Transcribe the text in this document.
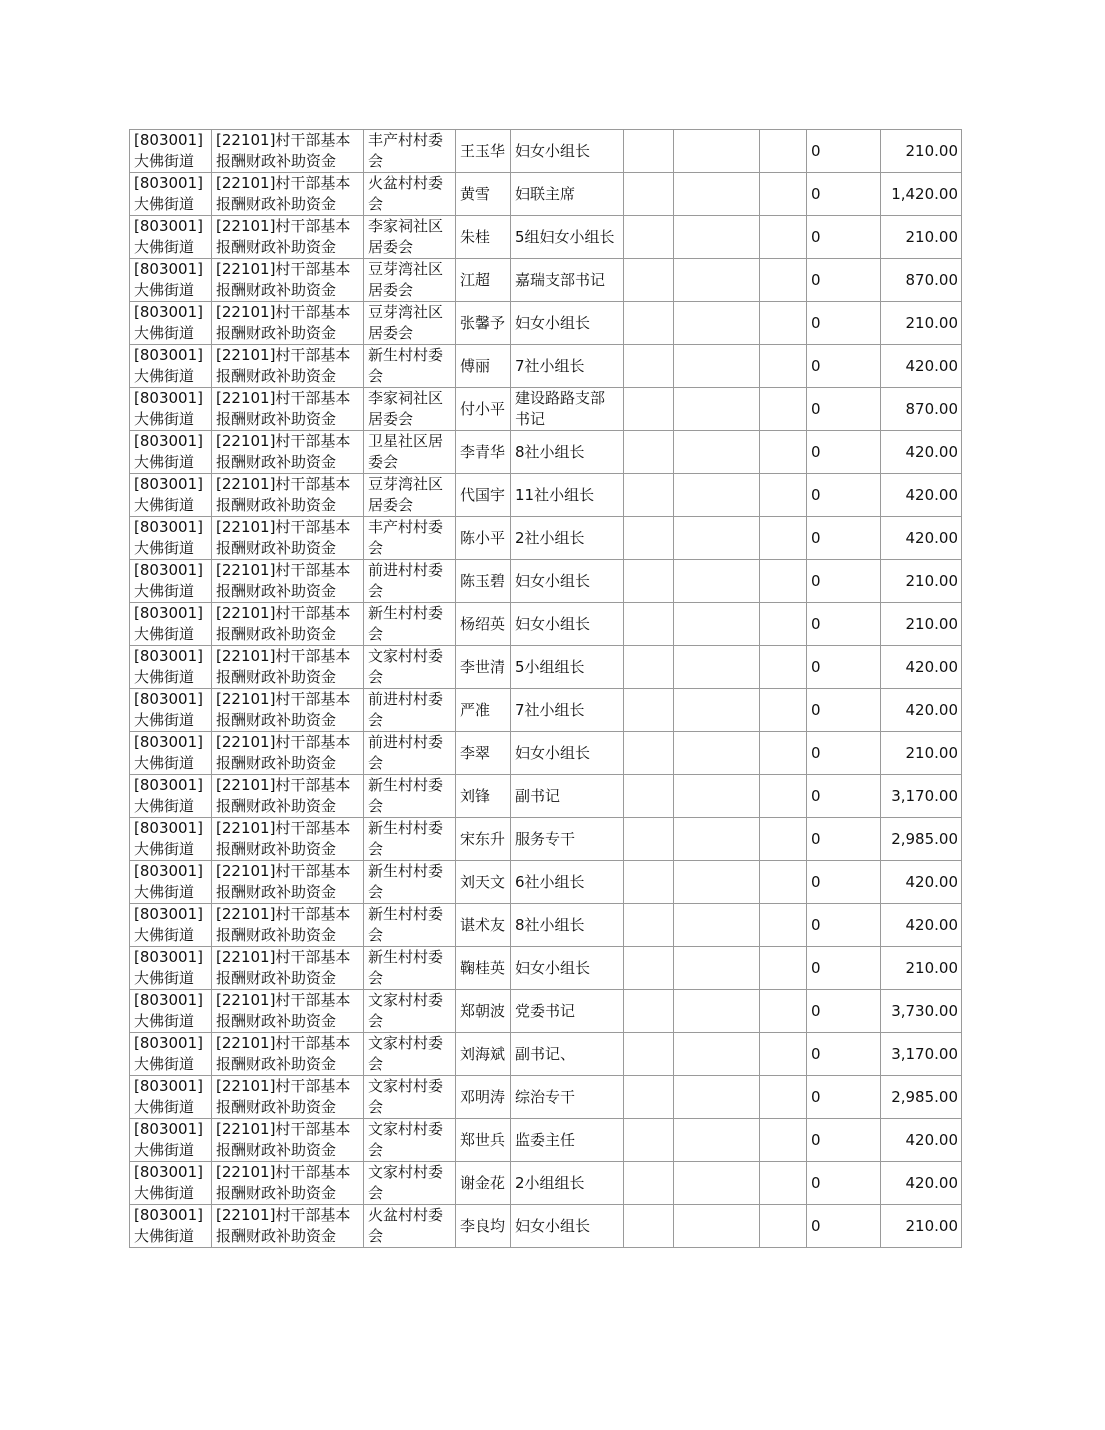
[803001]大佛街道	[22101]村干部基本报酬财政补助资金	丰产村村委会	王玉华	妇女小组长				0	210.00
[803001]大佛街道	[22101]村干部基本报酬财政补助资金	火盆村村委会	黄雪	妇联主席				0	1,420.00
[803001]大佛街道	[22101]村干部基本报酬财政补助资金	李家祠社区居委会	朱桂	5组妇女小组长				0	210.00
[803001]大佛街道	[22101]村干部基本报酬财政补助资金	豆芽湾社区居委会	江超	嘉瑞支部书记				0	870.00
[803001]大佛街道	[22101]村干部基本报酬财政补助资金	豆芽湾社区居委会	张馨予	妇女小组长				0	210.00
[803001]大佛街道	[22101]村干部基本报酬财政补助资金	新生村村委会	傅丽	7社小组长				0	420.00
[803001]大佛街道	[22101]村干部基本报酬财政补助资金	李家祠社区居委会	付小平	建设路路支部书记				0	870.00
[803001]大佛街道	[22101]村干部基本报酬财政补助资金	卫星社区居委会	李青华	8社小组长				0	420.00
[803001]大佛街道	[22101]村干部基本报酬财政补助资金	豆芽湾社区居委会	代国宇	11社小组长				0	420.00
[803001]大佛街道	[22101]村干部基本报酬财政补助资金	丰产村村委会	陈小平	2社小组长				0	420.00
[803001]大佛街道	[22101]村干部基本报酬财政补助资金	前进村村委会	陈玉碧	妇女小组长				0	210.00
[803001]大佛街道	[22101]村干部基本报酬财政补助资金	新生村村委会	杨绍英	妇女小组长				0	210.00
[803001]大佛街道	[22101]村干部基本报酬财政补助资金	文家村村委会	李世清	5小组组长				0	420.00
[803001]大佛街道	[22101]村干部基本报酬财政补助资金	前进村村委会	严准	7社小组长				0	420.00
[803001]大佛街道	[22101]村干部基本报酬财政补助资金	前进村村委会	李翠	妇女小组长				0	210.00
[803001]大佛街道	[22101]村干部基本报酬财政补助资金	新生村村委会	刘锋	副书记				0	3,170.00
[803001]大佛街道	[22101]村干部基本报酬财政补助资金	新生村村委会	宋东升	服务专干				0	2,985.00
[803001]大佛街道	[22101]村干部基本报酬财政补助资金	新生村村委会	刘天文	6社小组长				0	420.00
[803001]大佛街道	[22101]村干部基本报酬财政补助资金	新生村村委会	谌术友	8社小组长				0	420.00
[803001]大佛街道	[22101]村干部基本报酬财政补助资金	新生村村委会	鞠桂英	妇女小组长				0	210.00
[803001]大佛街道	[22101]村干部基本报酬财政补助资金	文家村村委会	郑朝波	党委书记				0	3,730.00
[803001]大佛街道	[22101]村干部基本报酬财政补助资金	文家村村委会	刘海斌	副书记、				0	3,170.00
[803001]大佛街道	[22101]村干部基本报酬财政补助资金	文家村村委会	邓明涛	综治专干				0	2,985.00
[803001]大佛街道	[22101]村干部基本报酬财政补助资金	文家村村委会	郑世兵	监委主任				0	420.00
[803001]大佛街道	[22101]村干部基本报酬财政补助资金	文家村村委会	谢金花	2小组组长				0	420.00
[803001]大佛街道	[22101]村干部基本报酬财政补助资金	火盆村村委会	李良均	妇女小组长				0	210.00
